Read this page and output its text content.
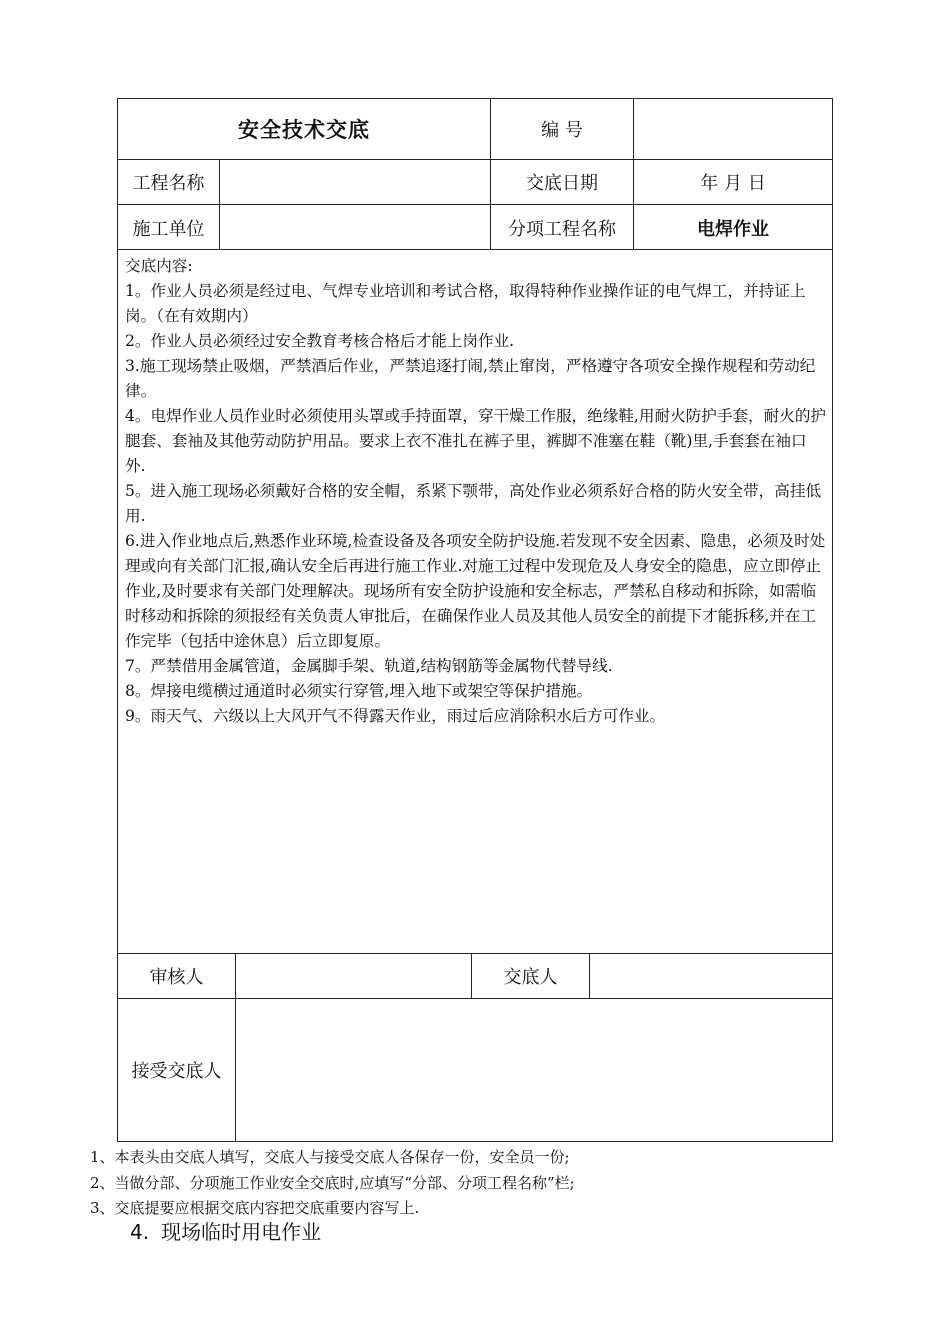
安全技术交底	编 号
工程名称	交底日期	年 月 日
施工单位	分项工程名称	电焊作业

交底内容:

1。作业人员必须是经过电、气焊专业培训和考试合格，取得特种作业操作证的电气焊工，并持证上岗。（在有效期内）

2。作业人员必须经过安全教育考核合格后才能上岗作业.

3.施工现场禁止吸烟，严禁酒后作业，严禁追逐打闹,禁止窜岗，严格遵守各项安全操作规程和劳动纪律。

4。电焊作业人员作业时必须使用头罩或手持面罩，穿干燥工作服，绝缘鞋,用耐火防护手套，耐火的护腿套、套袖及其他劳动防护用品。要求上衣不准扎在裤子里，裤脚不准塞在鞋（靴)里,手套套在袖口外.

5。进入施工现场必须戴好合格的安全帽，系紧下颚带，高处作业必须系好合格的防火安全带，高挂低用.

6.进入作业地点后,熟悉作业环境,检查设备及各项安全防护设施.若发现不安全因素、隐患，必须及时处理或向有关部门汇报,确认安全后再进行施工作业.对施工过程中发现危及人身安全的隐患，应立即停止作业,及时要求有关部门处理解决。现场所有安全防护设施和安全标志，严禁私自移动和拆除，如需临时移动和拆除的须报经有关负责人审批后，在确保作业人员及其他人员安全的前提下才能拆移,并在工作完毕（包括中途休息）后立即复原。

7。严禁借用金属管道，金属脚手架、轨道,结构钢筋等金属物代替导线.

8。焊接电缆横过通道时必须实行穿管,埋入地下或架空等保护措施。

9。雨天气、六级以上大风开气不得露天作业，雨过后应消除积水后方可作业。

审核人	交底人
接受交底人

1、本表头由交底人填写，交底人与接受交底人各保存一份，安全员一份;

2、当做分部、分项施工作业安全交底时,应填写“分部、分项工程名称”栏;

3、交底提要应根据交底内容把交底重要内容写上.

4. 现场临时用电作业
